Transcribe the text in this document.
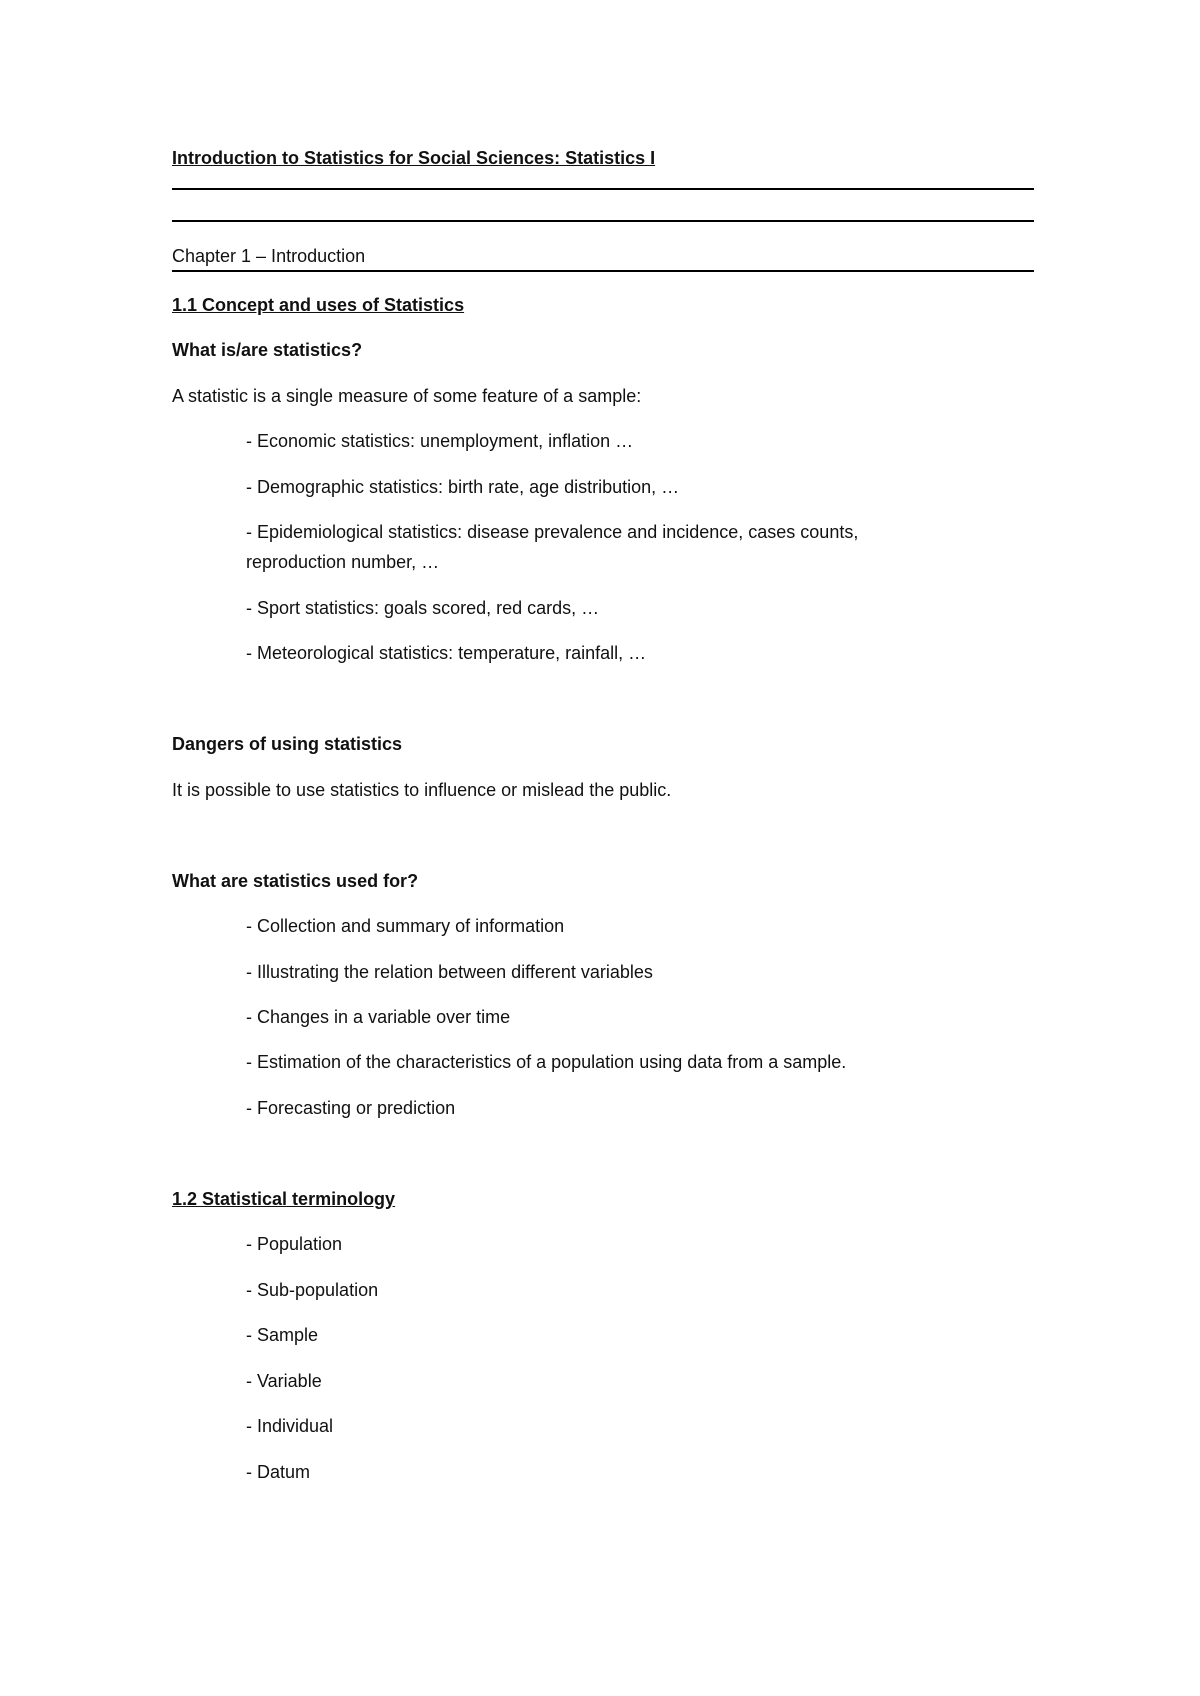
Introduction to Statistics for Social Sciences: Statistics I
Chapter 1 – Introduction
1.1 Concept and uses of Statistics
What is/are statistics?
A statistic is a single measure of some feature of a sample:
- Economic statistics: unemployment, inflation …
- Demographic statistics: birth rate, age distribution, …
- Epidemiological statistics: disease prevalence and incidence, cases counts,
reproduction number, …
- Sport statistics: goals scored, red cards, …
- Meteorological statistics: temperature, rainfall, …
Dangers of using statistics
It is possible to use statistics to influence or mislead the public.
What are statistics used for?
- Collection and summary of information
- Illustrating the relation between different variables
- Changes in a variable over time
- Estimation of the characteristics of a population using data from a sample.
- Forecasting or prediction
1.2 Statistical terminology
- Population
- Sub-population
- Sample
- Variable
- Individual
- Datum
